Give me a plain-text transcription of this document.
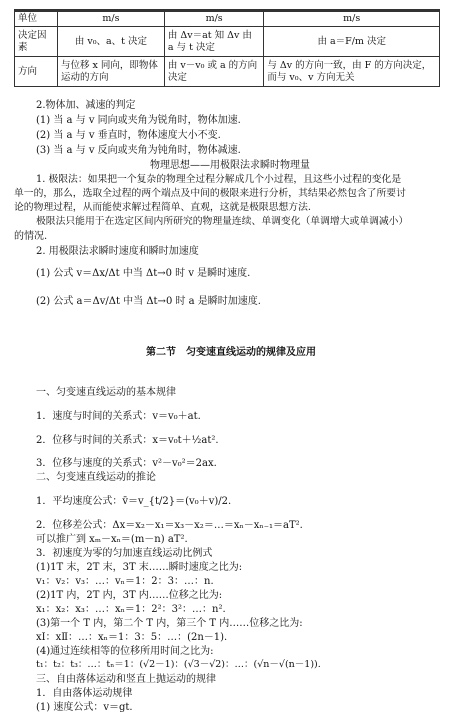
单位	m/s	m/s	m/s
决定因素	由 v₀、a、t 决定	由 Δv＝at 知 Δv 由 a 与 t 决定	由 a＝F/m 决定
方向	与位移 x 同向，即物体运动的方向	由 v－v₀ 或 a 的方向决定	与 Δv 的方向一致，由 F 的方向决定，而与 v₀、v 方向无关
2.物体加、减速的判定
(1) 当 a 与 v 同向或夹角为锐角时，物体加速.
(2) 当 a 与 v 垂直时，物体速度大小不变.
(3) 当 a 与 v 反向或夹角为钝角时，物体减速.
物理思想——用极限法求瞬时物理量
1. 极限法：如果把一个复杂的物理全过程分解成几个小过程，且这些小过程的变化是
单一的，那么，选取全过程的两个端点及中间的极限来进行分析，其结果必然包含了所要讨
论的物理过程，从而能使求解过程简单、直观，这就是极限思想方法.
极限法只能用于在选定区间内所研究的物理量连续、单调变化（单调增大或单调减小）
的情况.
2. 用极限法求瞬时速度和瞬时加速度
(1) 公式 v＝Δx/Δt 中当 Δt→0 时 v 是瞬时速度.
(2) 公式 a＝Δv/Δt 中当 Δt→0 时 a 是瞬时加速度.
第二节　匀变速直线运动的规律及应用
一、匀变速直线运动的基本规律
1．速度与时间的关系式：v＝v₀＋at.
2．位移与时间的关系式：x＝v₀t＋½at².
3．位移与速度的关系式：v²－v₀²＝2ax.
二、匀变速直线运动的推论
1．平均速度公式：v̄＝v_{t/2}＝(v₀＋v)/2.
2．位移差公式：Δx＝x₂－x₁＝x₃－x₂＝…＝xₙ－xₙ₋₁＝aT².
可以推广到 xₘ－xₙ＝(m－n) aT².
3．初速度为零的匀加速直线运动比例式
(1)1T 末，2T 末，3T 末……瞬时速度之比为:
v₁：v₂：v₃：…：vₙ＝1：2：3：…：n.
(2)1T 内，2T 内，3T 内……位移之比为:
x₁：x₂：x₃：…：xₙ＝1：2²：3²：…：n².
(3)第一个 T 内，第二个 T 内，第三个 T 内……位移之比为:
xⅠ：xⅡ：…：xₙ＝1：3：5：…：(2n－1).
(4)通过连续相等的位移所用时间之比为:
t₁：t₂：t₃：…：tₙ＝1：(√2－1)：(√3－√2)：…：(√n－√(n－1)).
三、自由落体运动和竖直上抛运动的规律
1．自由落体运动规律
(1) 速度公式：v＝gt.
